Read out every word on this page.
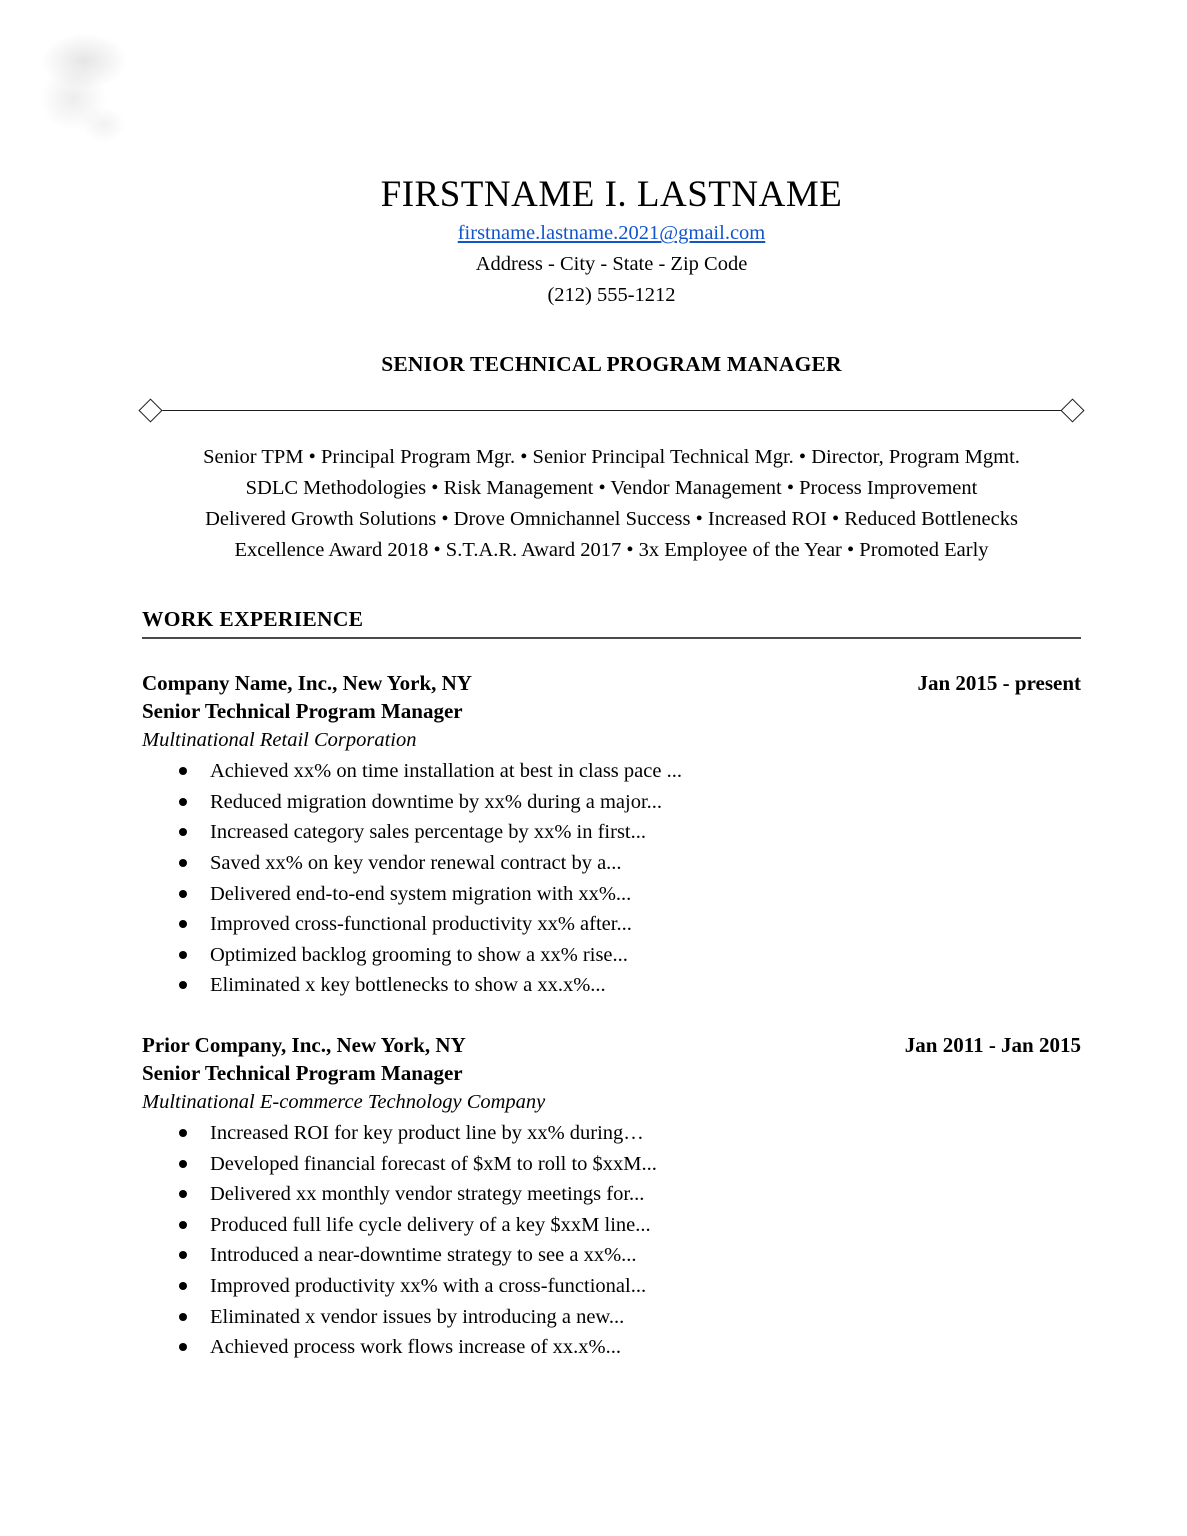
FIRSTNAME I. LASTNAME
firstname.lastname.2021@gmail.com
Address - City - State - Zip Code
(212) 555-1212
SENIOR TECHNICAL PROGRAM MANAGER

Senior TPM • Principal Program Mgr. • Senior Principal Technical Mgr. • Director, Program Mgmt.

SDLC Methodologies • Risk Management • Vendor Management • Process Improvement

Delivered Growth Solutions • Drove Omnichannel Success • Increased ROI • Reduced Bottlenecks

Excellence Award 2018 • S.T.A.R. Award 2017 • 3x Employee of the Year • Promoted Early

WORK EXPERIENCE
Company Name, Inc., New York, NY	Jan 2015 - present
Senior Technical Program Manager
Multinational Retail Corporation
Achieved xx% on time installation at best in class pace ...
Reduced migration downtime by xx% during a major...
Increased category sales percentage by xx% in first...
Saved xx% on key vendor renewal contract by a...
Delivered end-to-end system migration with xx%...
Improved cross-functional productivity xx% after...
Optimized backlog grooming to show a xx% rise...
Eliminated x key bottlenecks to show a xx.x%...
Prior Company, Inc., New York, NY	Jan 2011 - Jan 2015
Senior Technical Program Manager
Multinational E-commerce Technology Company
Increased ROI for key product line by xx% during…
Developed financial forecast of $xM to roll to $xxM...
Delivered xx monthly vendor strategy meetings for...
Produced full life cycle delivery of a key $xxM line...
Introduced a near-downtime strategy to see a xx%...
Improved productivity xx% with a cross-functional...
Eliminated x vendor issues by introducing a new...
Achieved process work flows increase of xx.x%...
